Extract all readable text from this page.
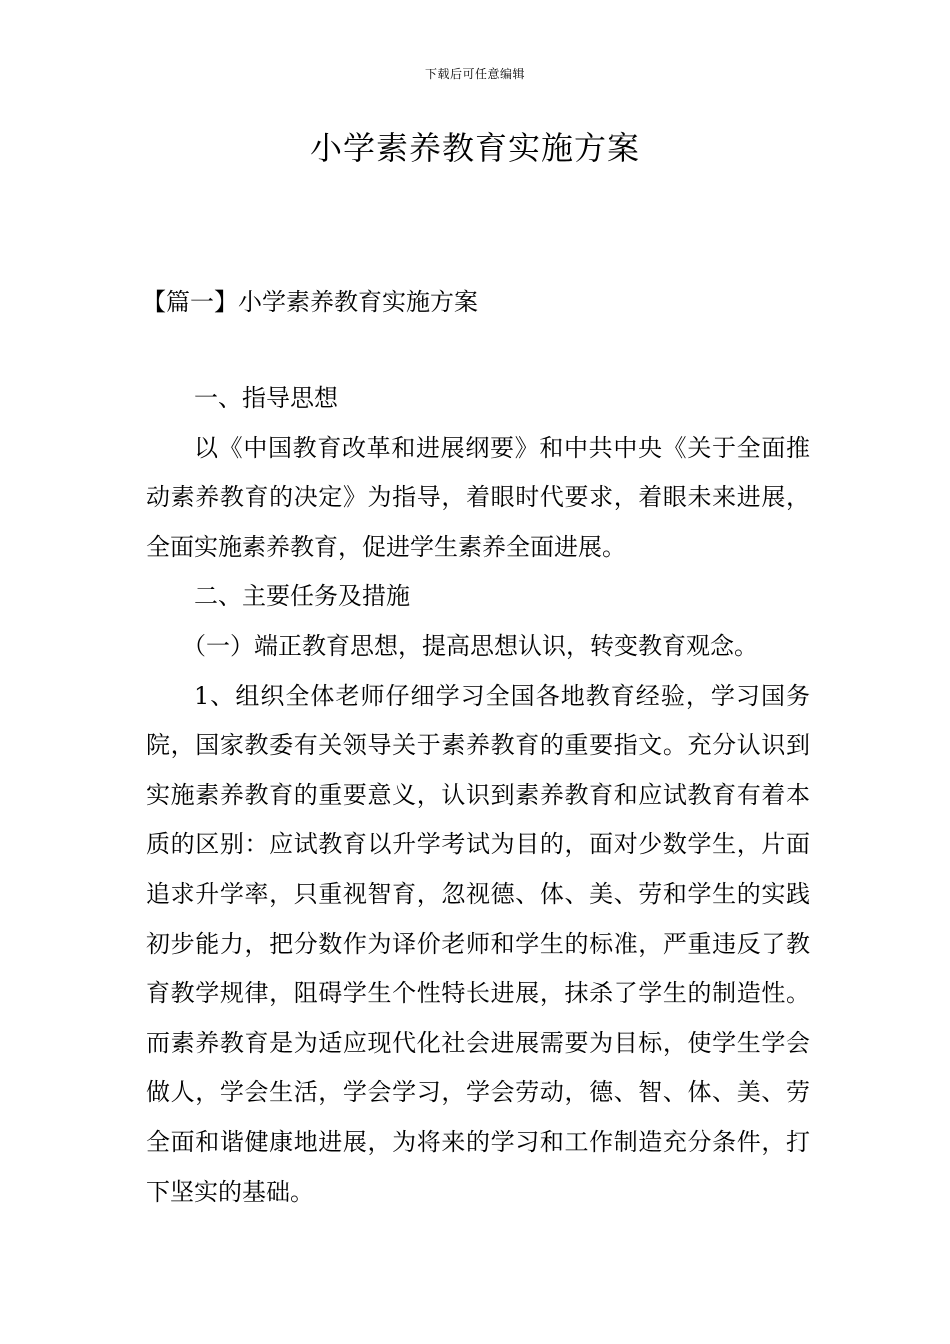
下载后可任意编辑
小学素养教育实施方案
【篇一】小学素养教育实施方案

一、指导思想

以《中国教育改革和进展纲要》和中共中央《关于全面推动素养教育的决定》为指导，着眼时代要求，着眼未来进展，全面实施素养教育，促进学生素养全面进展。

二、主要任务及措施

（一）端正教育思想，提高思想认识，转变教育观念。

1、组织全体老师仔细学习全国各地教育经验，学习国务院，国家教委有关领导关于素养教育的重要指文。充分认识到实施素养教育的重要意义，认识到素养教育和应试教育有着本质的区别：应试教育以升学考试为目的，面对少数学生，片面追求升学率，只重视智育，忽视德、体、美、劳和学生的实践初步能力，把分数作为译价老师和学生的标准，严重违反了教育教学规律，阻碍学生个性特长进展，抹杀了学生的制造性。而素养教育是为适应现代化社会进展需要为目标，使学生学会做人，学会生活，学会学习，学会劳动，德、智、体、美、劳全面和谐健康地进展，为将来的学习和工作制造充分条件，打下坚实的基础。
